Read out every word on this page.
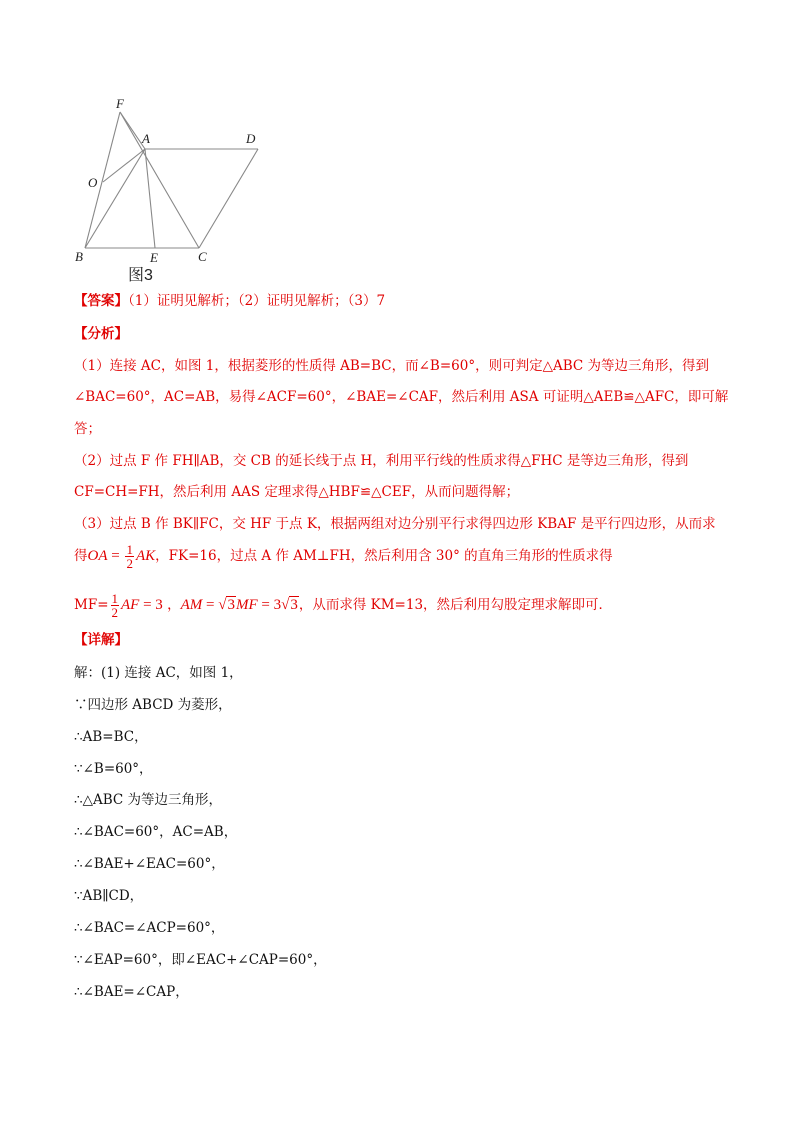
F
A	D
O
B	E	C
图3
【答案】（1）证明见解析；（2）证明见解析；（3）7
【分析】
（1）连接 AC，如图 1，根据菱形的性质得 AB=BC，而∠B=60°，则可判定△ABC 为等边三角形，得到
∠BAC=60°，AC=AB，易得∠ACF=60°，∠BAE=∠CAF，然后利用 ASA 可证明△AEB≌△AFC，即可解
答；
（2）过点 F 作 FH∥AB，交 CB 的延长线于点 H，利用平行线的性质求得△FHC 是等边三角形，得到
CF=CH=FH，然后利用 AAS 定理求得△HBF≌△CEF，从而问题得解；
（3）过点 B 作 BK∥FC，交 HF 于点 K，根据两组对边分别平行求得四边形 KBAF 是平行四边形，从而求
得OA = $\frac{1}{2}$ AK，FK=16，过点 A 作 AM⊥FH，然后利用含 30° 的直角三角形的性质求得
$MF= \frac{1}{2}$ AF = 3 ，AM = √3MF = 3√3，从而求得 KM=13，然后利用勾股定理求解即可．
【详解】
解：(1) 连接 AC，如图 1，
∵四边形 ABCD 为菱形，
∴AB=BC，
∵∠B=60°，
∴△ABC 为等边三角形，
∴∠BAC=60°，AC=AB，
∴∠BAE+∠EAC=60°，
∵AB∥CD，
∴∠BAC=∠ACP=60°，
∵∠EAP=60°，即∠EAC+∠CAP=60°，
∴∠BAE=∠CAP，
